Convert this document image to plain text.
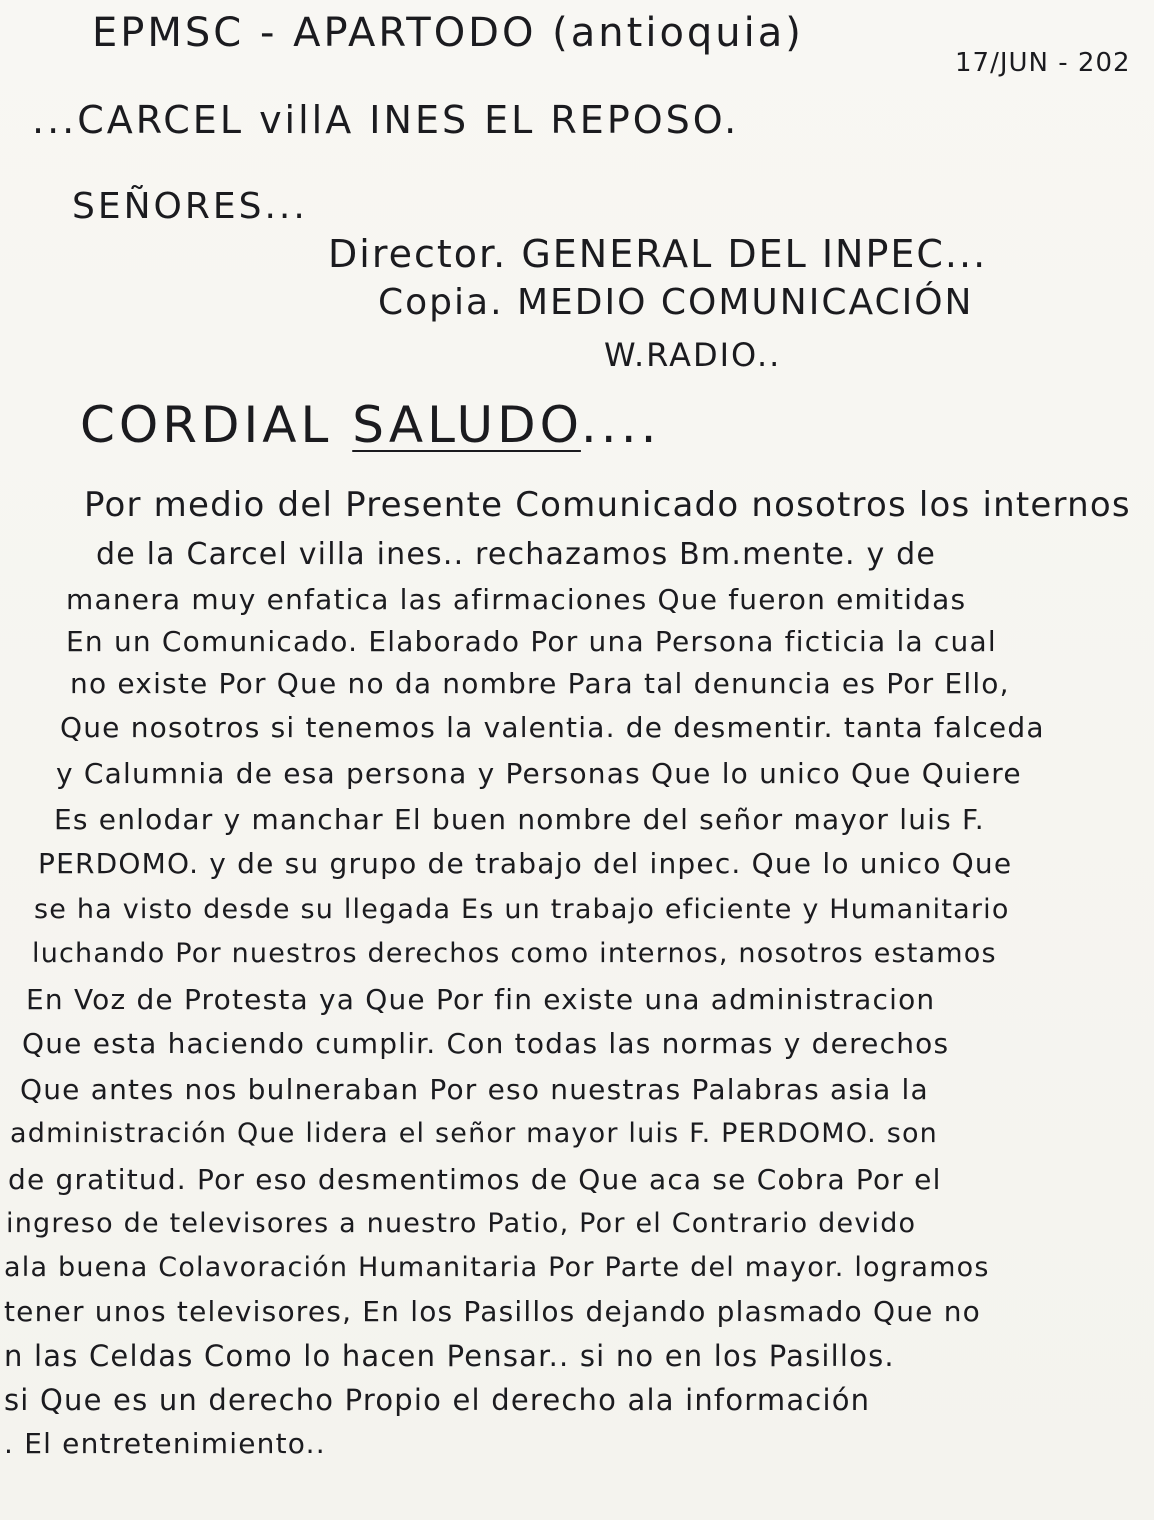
EPMSC - APARTODO (antioquia)
17/JUN - 202
...CARCEL villA INES EL REPOSO.
SEÑORES...
Director. GENERAL DEL INPEC...
Copia. MEDIO COMUNICACIÓN
W.RADIO..
CORDIAL SALUDO....
Por medio del Presente Comunicado nosotros los internos
de la Carcel villa ines.. rechazamos Bm.mente. y de
manera muy enfatica las afirmaciones Que fueron emitidas
En un Comunicado. Elaborado Por una Persona ficticia la cual
no existe Por Que no da nombre Para tal denuncia es Por Ello,
Que nosotros si tenemos la valentia. de desmentir. tanta falceda
y Calumnia de esa persona y Personas Que lo unico Que Quiere
Es enlodar y manchar El buen nombre del señor mayor luis F.
PERDOMO. y de su grupo de trabajo del inpec. Que lo unico Que
se ha visto desde su llegada Es un trabajo eficiente y Humanitario
luchando Por nuestros derechos como internos, nosotros estamos
En Voz de Protesta ya Que Por fin existe una administracion
Que esta haciendo cumplir. Con todas las normas y derechos
Que antes nos bulneraban Por eso nuestras Palabras asia la
administración Que lidera el señor mayor luis F. PERDOMO. son
de gratitud. Por eso desmentimos de Que aca se Cobra Por el
ingreso de televisores a nuestro Patio, Por el Contrario devido
ala buena Colavoración Humanitaria Por Parte del mayor. logramos
tener unos televisores, En los Pasillos dejando plasmado Que no
n las Celdas Como lo hacen Pensar.. si no en los Pasillos.
si Que es un derecho Propio el derecho ala información
. El entretenimiento..
